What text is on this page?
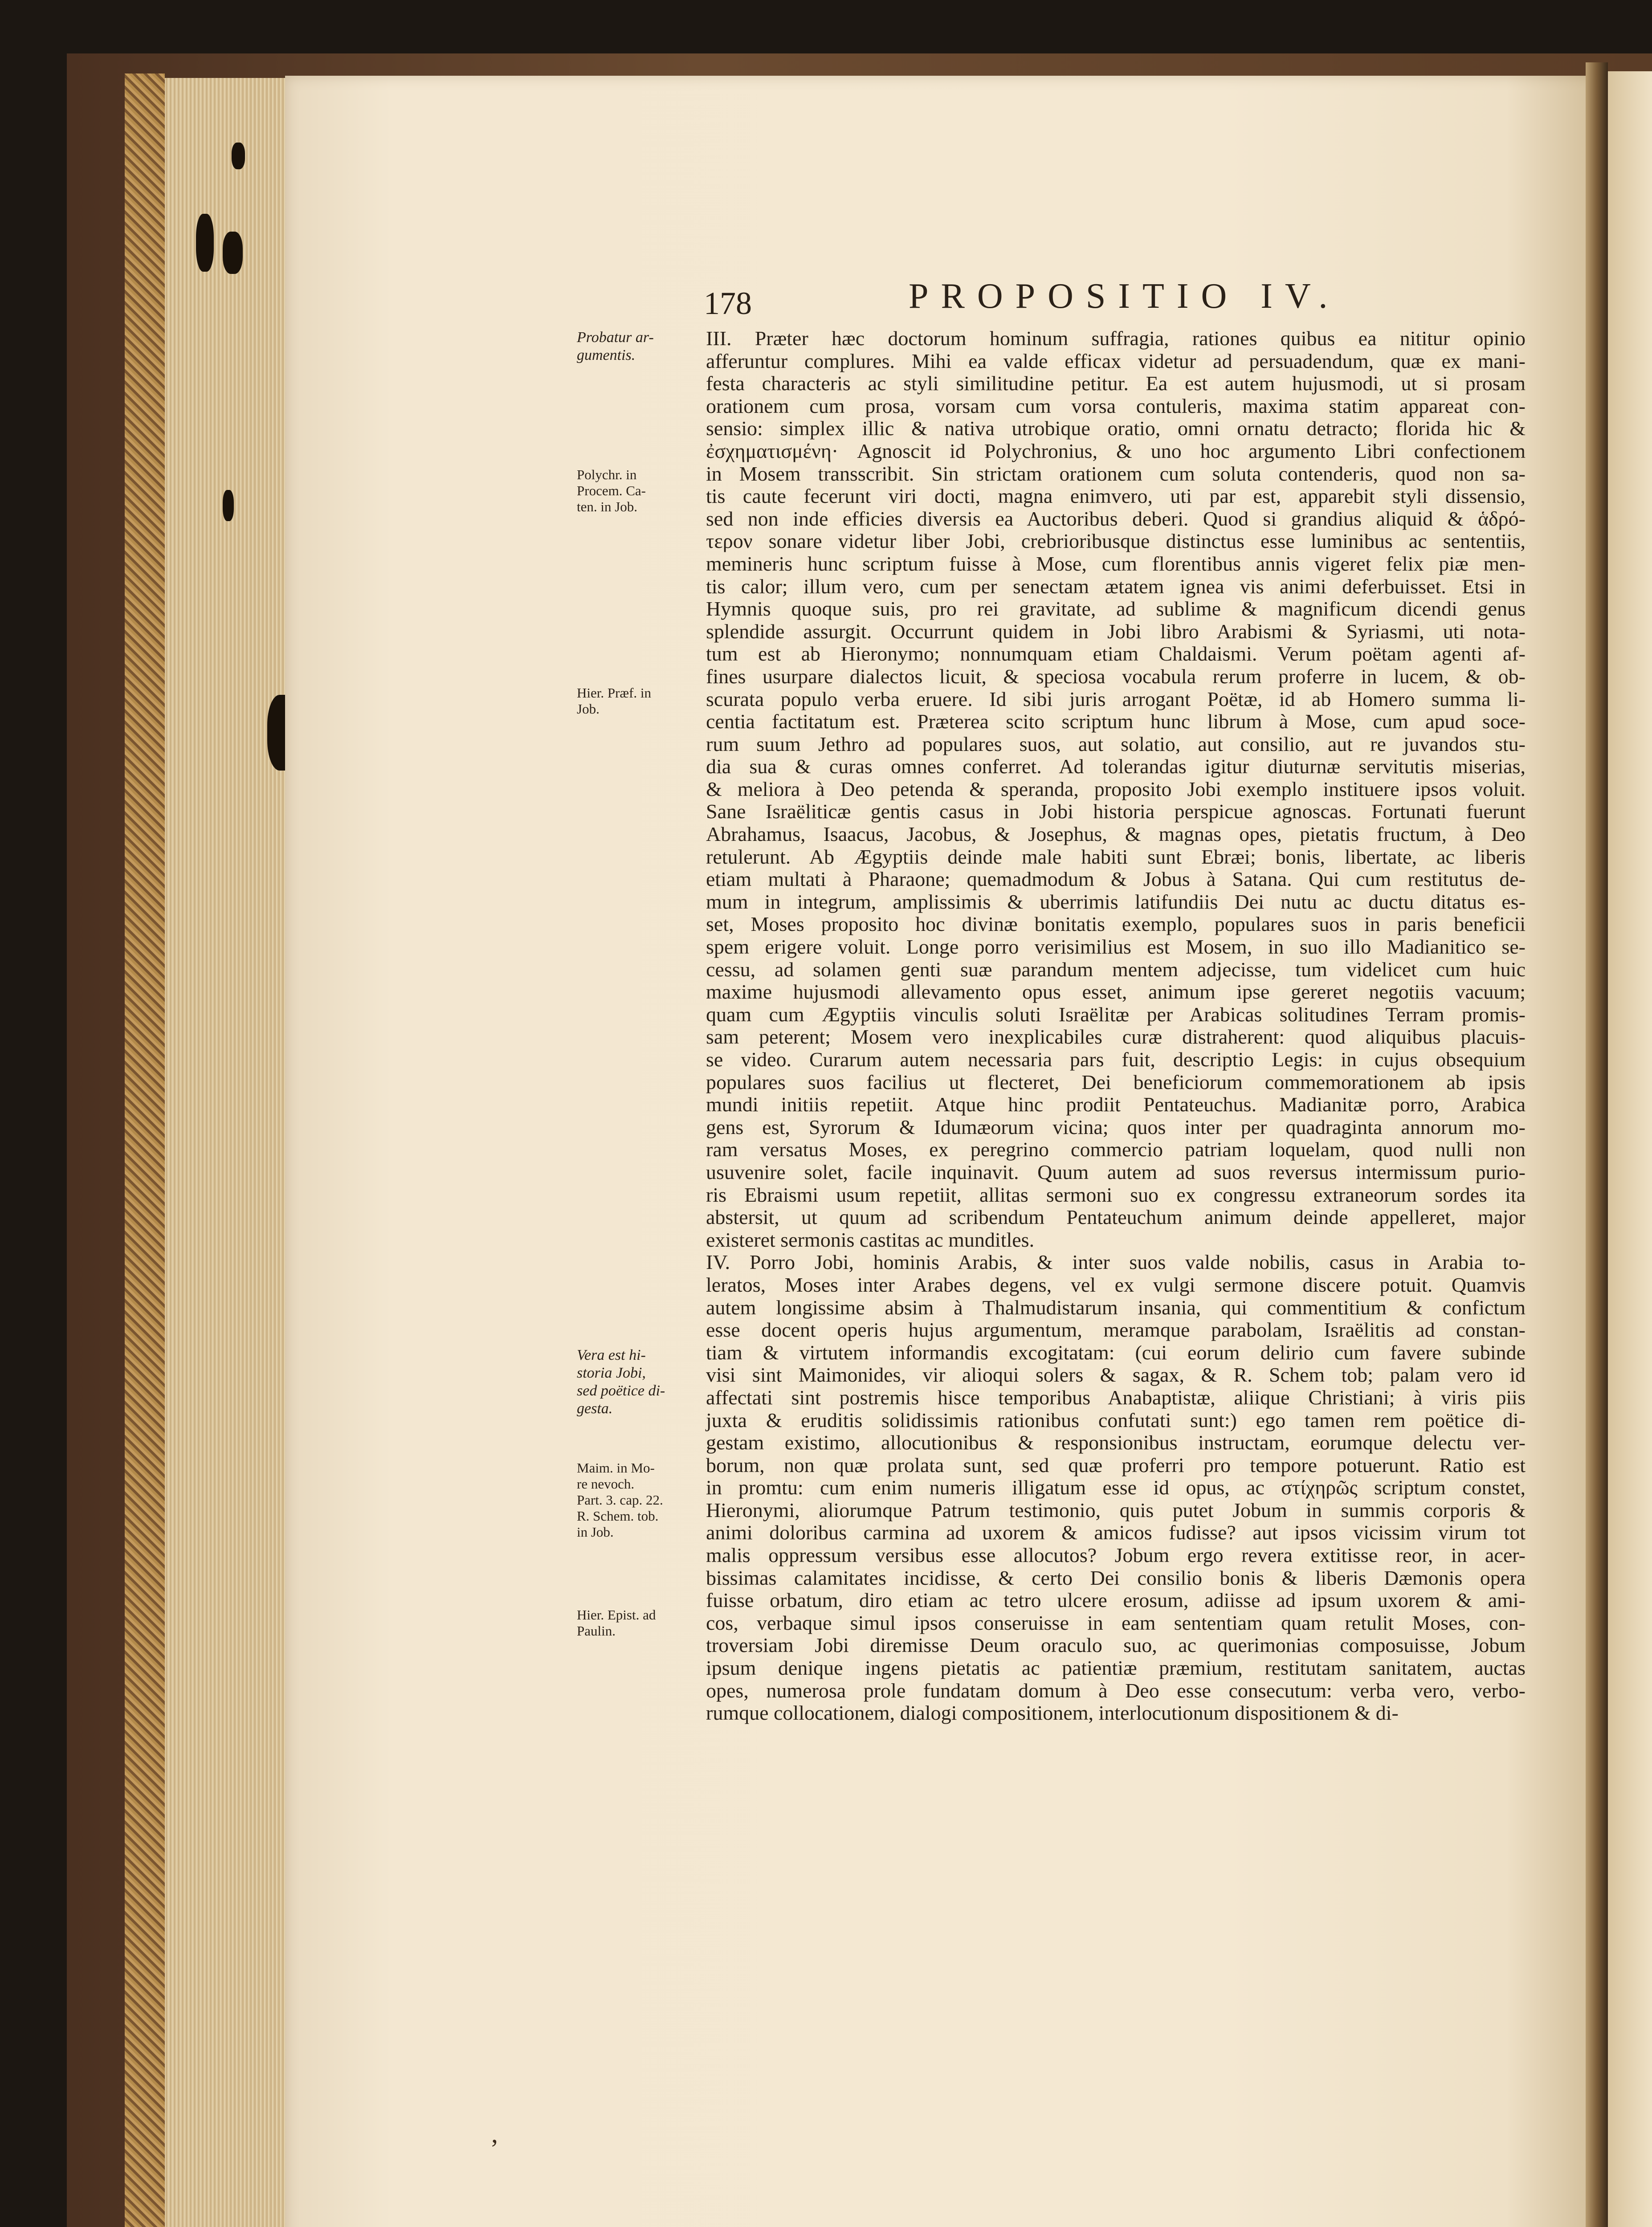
178	PROPOSITIO IV.
Probatur ar-
gumentis.
Polychr. in
Procem. Ca-
ten. in Job.
Hier. Præf. in
Job.
Vera est hi-
storia Jobi,
sed poëtice di-
gesta.
Maim. in Mo-
re nevoch.
Part. 3. cap. 22.
R. Schem. tob.
in Job.
Hier. Epist. ad
Paulin.
III. Præter hæc doctorum hominum suffragia, rationes quibus ea nititur opinio
afferuntur complures. Mihi ea valde efficax videtur ad persuadendum, quæ ex mani-
festa characteris ac styli similitudine petitur. Ea est autem hujusmodi, ut si prosam
orationem cum prosa, vorsam cum vorsa contuleris, maxima statim appareat con-
sensio: simplex illic & nativa utrobique oratio, omni ornatu detracto; florida hic &
ἐσχηματισμένη· Agnoscit id Polychronius, & uno hoc argumento Libri confectionem
in Mosem transscribit. Sin strictam orationem cum soluta contenderis, quod non sa-
tis caute fecerunt viri docti, magna enimvero, uti par est, apparebit styli dissensio,
sed non inde efficies diversis ea Auctoribus deberi. Quod si grandius aliquid & ἁδρό-
τερον sonare videtur liber Jobi, crebrioribusque distinctus esse luminibus ac sententiis,
memineris hunc scriptum fuisse à Mose, cum florentibus annis vigeret felix piæ men-
tis calor; illum vero, cum per senectam ætatem ignea vis animi deferbuisset. Etsi in
Hymnis quoque suis, pro rei gravitate, ad sublime & magnificum dicendi genus
splendide assurgit. Occurrunt quidem in Jobi libro Arabismi & Syriasmi, uti nota-
tum est ab Hieronymo; nonnumquam etiam Chaldaismi. Verum poëtam agenti af-
fines usurpare dialectos licuit, & speciosa vocabula rerum proferre in lucem, & ob-
scurata populo verba eruere. Id sibi juris arrogant Poëtæ, id ab Homero summa li-
centia factitatum est. Præterea scito scriptum hunc librum à Mose, cum apud soce-
rum suum Jethro ad populares suos, aut solatio, aut consilio, aut re juvandos stu-
dia sua & curas omnes conferret. Ad tolerandas igitur diuturnæ servitutis miserias,
& meliora à Deo petenda & speranda, proposito Jobi exemplo instituere ipsos voluit.
Sane Israëliticæ gentis casus in Jobi historia perspicue agnoscas. Fortunati fuerunt
Abrahamus, Isaacus, Jacobus, & Josephus, & magnas opes, pietatis fructum, à Deo
retulerunt. Ab Ægyptiis deinde male habiti sunt Ebræi; bonis, libertate, ac liberis
etiam multati à Pharaone; quemadmodum & Jobus à Satana. Qui cum restitutus de-
mum in integrum, amplissimis & uberrimis latifundiis Dei nutu ac ductu ditatus es-
set, Moses proposito hoc divinæ bonitatis exemplo, populares suos in paris beneficii
spem erigere voluit. Longe porro verisimilius est Mosem, in suo illo Madianitico se-
cessu, ad solamen genti suæ parandum mentem adjecisse, tum videlicet cum huic
maxime hujusmodi allevamento opus esset, animum ipse gereret negotiis vacuum;
quam cum Ægyptiis vinculis soluti Israëlitæ per Arabicas solitudines Terram promis-
sam peterent; Mosem vero inexplicabiles curæ distraherent: quod aliquibus placuis-
se video. Curarum autem necessaria pars fuit, descriptio Legis: in cujus obsequium
populares suos facilius ut flecteret, Dei beneficiorum commemorationem ab ipsis
mundi initiis repetiit. Atque hinc prodiit Pentateuchus. Madianitæ porro, Arabica
gens est, Syrorum & Idumæorum vicina; quos inter per quadraginta annorum mo-
ram versatus Moses, ex peregrino commercio patriam loquelam, quod nulli non
usuvenire solet, facile inquinavit. Quum autem ad suos reversus intermissum purio-
ris Ebraismi usum repetiit, allitas sermoni suo ex congressu extraneorum sordes ita
abstersit, ut quum ad scribendum Pentateuchum animum deinde appelleret, major
existeret sermonis castitas ac munditles.
IV. Porro Jobi, hominis Arabis, & inter suos valde nobilis, casus in Arabia to-
leratos, Moses inter Arabes degens, vel ex vulgi sermone discere potuit. Quamvis
autem longissime absim à Thalmudistarum insania, qui commentitium & confictum
esse docent operis hujus argumentum, meramque parabolam, Israëlitis ad constan-
tiam & virtutem informandis excogitatam: (cui eorum delirio cum favere subinde
visi sint Maimonides, vir alioqui solers & sagax, & R. Schem tob; palam vero id
affectati sint postremis hisce temporibus Anabaptistæ, aliique Christiani; à viris piis
juxta & eruditis solidissimis rationibus confutati sunt:) ego tamen rem poëtice di-
gestam existimo, allocutionibus & responsionibus instructam, eorumque delectu ver-
borum, non quæ prolata sunt, sed quæ proferri pro tempore potuerunt. Ratio est
in promtu: cum enim numeris illigatum esse id opus, ac στίχηρῶς scriptum constet,
Hieronymi, aliorumque Patrum testimonio, quis putet Jobum in summis corporis &
animi doloribus carmina ad uxorem & amicos fudisse? aut ipsos vicissim virum tot
malis oppressum versibus esse allocutos? Jobum ergo revera extitisse reor, in acer-
bissimas calamitates incidisse, & certo Dei consilio bonis & liberis Dæmonis opera
fuisse orbatum, diro etiam ac tetro ulcere erosum, adiisse ad ipsum uxorem & ami-
cos, verbaque simul ipsos conseruisse in eam sententiam quam retulit Moses, con-
troversiam Jobi diremisse Deum oraculo suo, ac querimonias composuisse, Jobum
ipsum denique ingens pietatis ac patientiæ præmium, restitutam sanitatem, auctas
opes, numerosa prole fundatam domum à Deo esse consecutum: verba vero, verbo-
rumque collocationem, dialogi compositionem, interlocutionum dispositionem & di-
ʼ
